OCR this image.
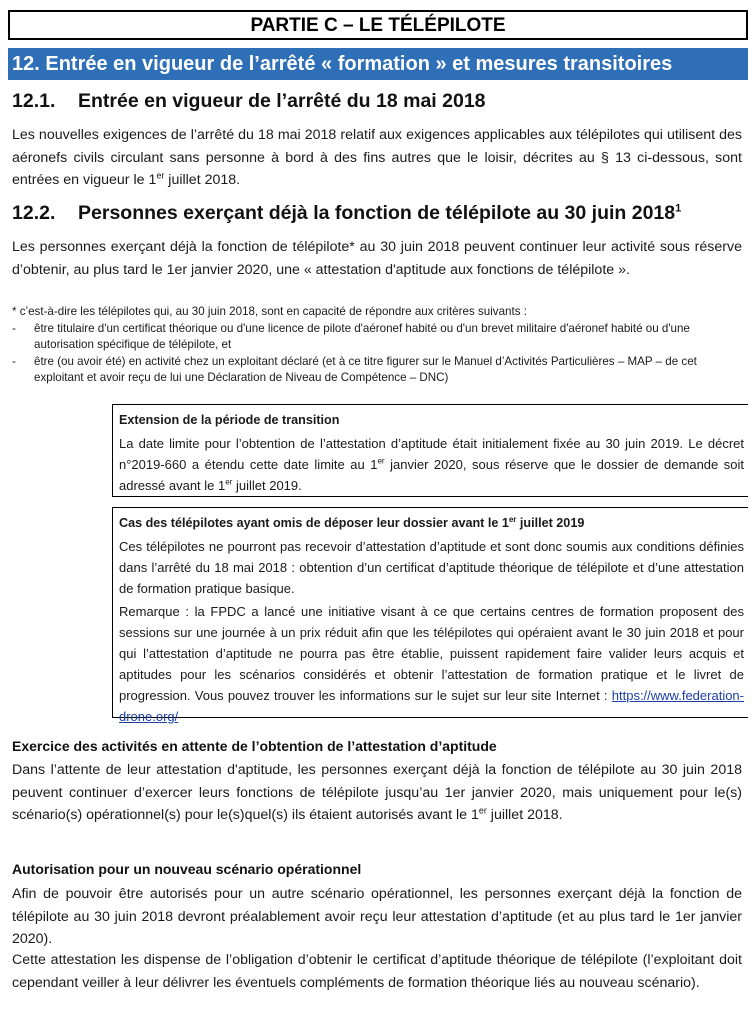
PARTIE C – LE TÉLÉPILOTE
12. Entrée en vigueur de l’arrêté « formation » et mesures transitoires
12.1. Entrée en vigueur de l’arrêté du 18 mai 2018
Les nouvelles exigences de l’arrêté du 18 mai 2018 relatif aux exigences applicables aux télépilotes qui utilisent des aéronefs civils circulant sans personne à bord à des fins autres que le loisir, décrites au § 13 ci-dessous, sont entrées en vigueur le 1er juillet 2018.
12.2. Personnes exerçant déjà la fonction de télépilote au 30 juin 2018$^1$
Les personnes exerçant déjà la fonction de télépilote* au 30 juin 2018 peuvent continuer leur activité sous réserve d’obtenir, au plus tard le 1er janvier 2020, une « attestation d'aptitude aux fonctions de télépilote ».
* c’est-à-dire les télépilotes qui, au 30 juin 2018, sont en capacité de répondre aux critères suivants :
- être titulaire d'un certificat théorique ou d'une licence de pilote d'aéronef habité ou d'un brevet militaire d'aéronef habité ou d'une autorisation spécifique de télépilote, et
- être (ou avoir été) en activité chez un exploitant déclaré (et à ce titre figurer sur le Manuel d’Activités Particulières – MAP – de cet exploitant et avoir reçu de lui une Déclaration de Niveau de Compétence – DNC)
Extension de la période de transition
La date limite pour l’obtention de l’attestation d’aptitude était initialement fixée au 30 juin 2019. Le décret n°2019-660 a étendu cette date limite au 1er janvier 2020, sous réserve que le dossier de demande soit adressé avant le 1er juillet 2019.
Cas des télépilotes ayant omis de déposer leur dossier avant le 1er juillet 2019
Ces télépilotes ne pourront pas recevoir d’attestation d’aptitude et sont donc soumis aux conditions définies dans l’arrêté du 18 mai 2018 : obtention d’un certificat d’aptitude théorique de télépilote et d’une attestation de formation pratique basique.
Remarque : la FPDC a lancé une initiative visant à ce que certains centres de formation proposent des sessions sur une journée à un prix réduit afin que les télépilotes qui opéraient avant le 30 juin 2018 et pour qui l’attestation d’aptitude ne pourra pas être établie, puissent rapidement faire valider leurs acquis et aptitudes pour les scénarios considérés et obtenir l’attestation de formation pratique et le livret de progression. Vous pouvez trouver les informations sur le sujet sur leur site Internet : https://www.federation-drone.org/
Exercice des activités en attente de l’obtention de l’attestation d’aptitude
Dans l’attente de leur attestation d'aptitude, les personnes exerçant déjà la fonction de télépilote au 30 juin 2018 peuvent continuer d’exercer leurs fonctions de télépilote jusqu’au 1er janvier 2020, mais uniquement pour le(s) scénario(s) opérationnel(s) pour le(s)quel(s) ils étaient autorisés avant le 1er juillet 2018.
Autorisation pour un nouveau scénario opérationnel
Afin de pouvoir être autorisés pour un autre scénario opérationnel, les personnes exerçant déjà la fonction de télépilote au 30 juin 2018 devront préalablement avoir reçu leur attestation d’aptitude (et au plus tard le 1er janvier 2020).
Cette attestation les dispense de l’obligation d’obtenir le certificat d’aptitude théorique de télépilote (l’exploitant doit cependant veiller à leur délivrer les éventuels compléments de formation théorique liés au nouveau scénario).
